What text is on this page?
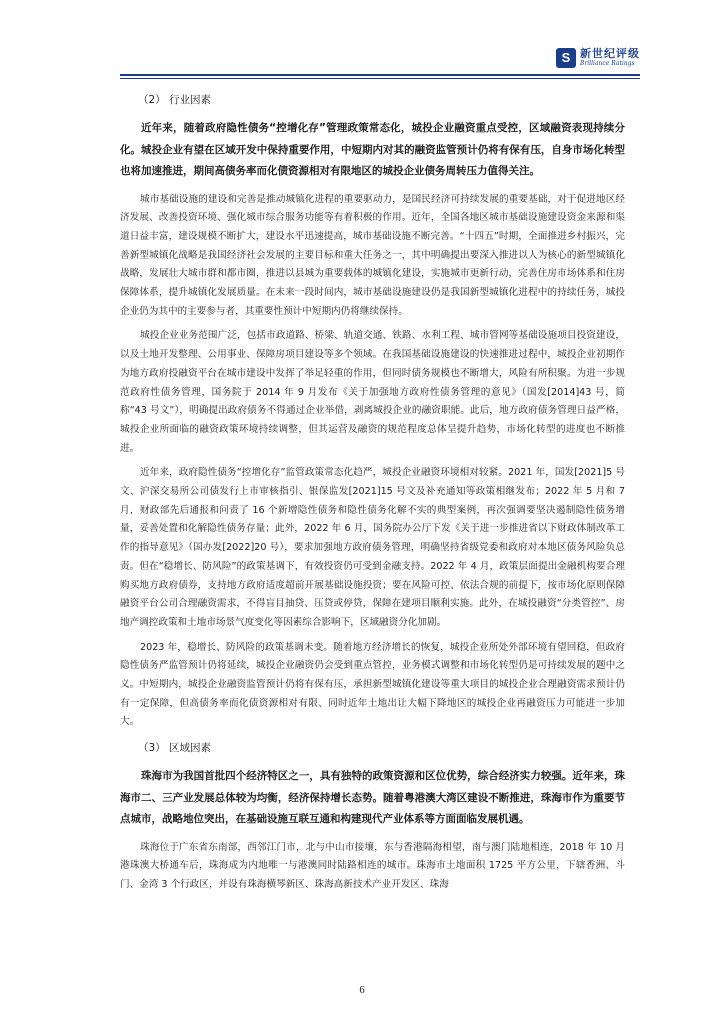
S 新世纪评级
Brilliance Ratings

（2） 行业因素

近年来，随着政府隐性债务“控增化存”管理政策常态化，城投企业融资重点受控，区域融资表现持续分化。城投企业有望在区域开发中保持重要作用，中短期内对其的融资监管预计仍将有保有压，自身市场化转型也将加速推进，期间高债务率而化债资源相对有限地区的城投企业债务周转压力值得关注。

城市基础设施的建设和完善是推动城镇化进程的重要驱动力，是国民经济可持续发展的重要基础，对于促进地区经济发展、改善投资环境、强化城市综合服务功能等有着积极的作用。近年，全国各地区城市基础设施建设资金来源和渠道日益丰富，建设规模不断扩大，建设水平迅速提高，城市基础设施不断完善。“十四五”时期，全面推进乡村振兴，完善新型城镇化战略是我国经济社会发展的主要目标和重大任务之一，其中明确提出要深入推进以人为核心的新型城镇化战略，发展壮大城市群和都市圈，推进以县城为重要载体的城镇化建设，实施城市更新行动，完善住房市场体系和住房保障体系，提升城镇化发展质量。在未来一段时间内，城市基础设施建设仍是我国新型城镇化进程中的持续任务，城投企业仍为其中的主要参与者，其重要性预计中短期内仍将继续保持。

城投企业业务范围广泛，包括市政道路、桥梁、轨道交通、铁路、水利工程、城市管网等基础设施项目投资建设，以及土地开发整理、公用事业、保障房项目建设等多个领域。在我国基础设施建设的快速推进过程中，城投企业初期作为地方政府投融资平台在城市建设中发挥了举足轻重的作用，但同时债务规模也不断增大，风险有所积聚。为进一步规范政府性债务管理，国务院于 2014 年 9 月发布《关于加强地方政府性债务管理的意见》（国发[2014]43 号，简称“43 号文”），明确提出政府债务不得通过企业举借，剥离城投企业的融资职能。此后，地方政府债务管理日益严格，城投企业所面临的融资政策环境持续调整，但其运营及融资的规范程度总体呈提升趋势，市场化转型的进度也不断推进。

近年来，政府隐性债务“控增化存”监管政策常态化趋严，城投企业融资环境相对较紧。2021 年，国发[2021]5 号文、沪深交易所公司债发行上市审核指引、银保监发[2021]15 号文及补充通知等政策相继发布；2022 年 5 月和 7 月，财政部先后通报和问责了 16 个新增隐性债务和隐性债务化解不实的典型案例，再次强调要坚决遏制隐性债务增量，妥善处置和化解隐性债务存量；此外，2022 年 6 月，国务院办公厅下发《关于进一步推进省以下财政体制改革工作的指导意见》（国办发[2022]20 号），要求加强地方政府债务管理，明确坚持省级党委和政府对本地区债务风险负总责。但在“稳增长、防风险”的政策基调下，有效投资仍可受到金融支持。2022 年 4 月，政策层面提出金融机构要合理购买地方政府债券，支持地方政府适度超前开展基础设施投资；要在风险可控、依法合规的前提下，按市场化原则保障融资平台公司合理融资需求，不得盲目抽贷、压贷或停贷，保障在建项目顺利实施。此外，在城投融资“分类管控”、房地产调控政策和土地市场景气度变化等因素综合影响下，区域融资分化加剧。

2023 年，稳增长、防风险的政策基调未变。随着地方经济增长的恢复，城投企业所处外部环境有望回稳，但政府隐性债务严监管预计仍将延续，城投企业融资仍会受到重点管控，业务模式调整和市场化转型仍是可持续发展的题中之义。中短期内，城投企业融资监管预计仍将有保有压，承担新型城镇化建设等重大项目的城投企业合理融资需求预计仍有一定保障，但高债务率而化债资源相对有限、同时近年土地出让大幅下降地区的城投企业再融资压力可能进一步加大。

（3） 区域因素

珠海市为我国首批四个经济特区之一，具有独特的政策资源和区位优势，综合经济实力较强。近年来，珠海市二、三产业发展总体较为均衡，经济保持增长态势。随着粤港澳大湾区建设不断推进，珠海市作为重要节点城市，战略地位突出，在基础设施互联互通和构建现代产业体系等方面面临发展机遇。

珠海位于广东省东南部，西邻江门市，北与中山市接壤，东与香港隔海相望，南与澳门陆地相连，2018 年 10 月港珠澳大桥通车后，珠海成为内地唯一与港澳同时陆路相连的城市。珠海市土地面积 1725 平方公里，下辖香洲、斗门、金湾 3 个行政区，并设有珠海横琴新区、珠海高新技术产业开发区、珠海

6
